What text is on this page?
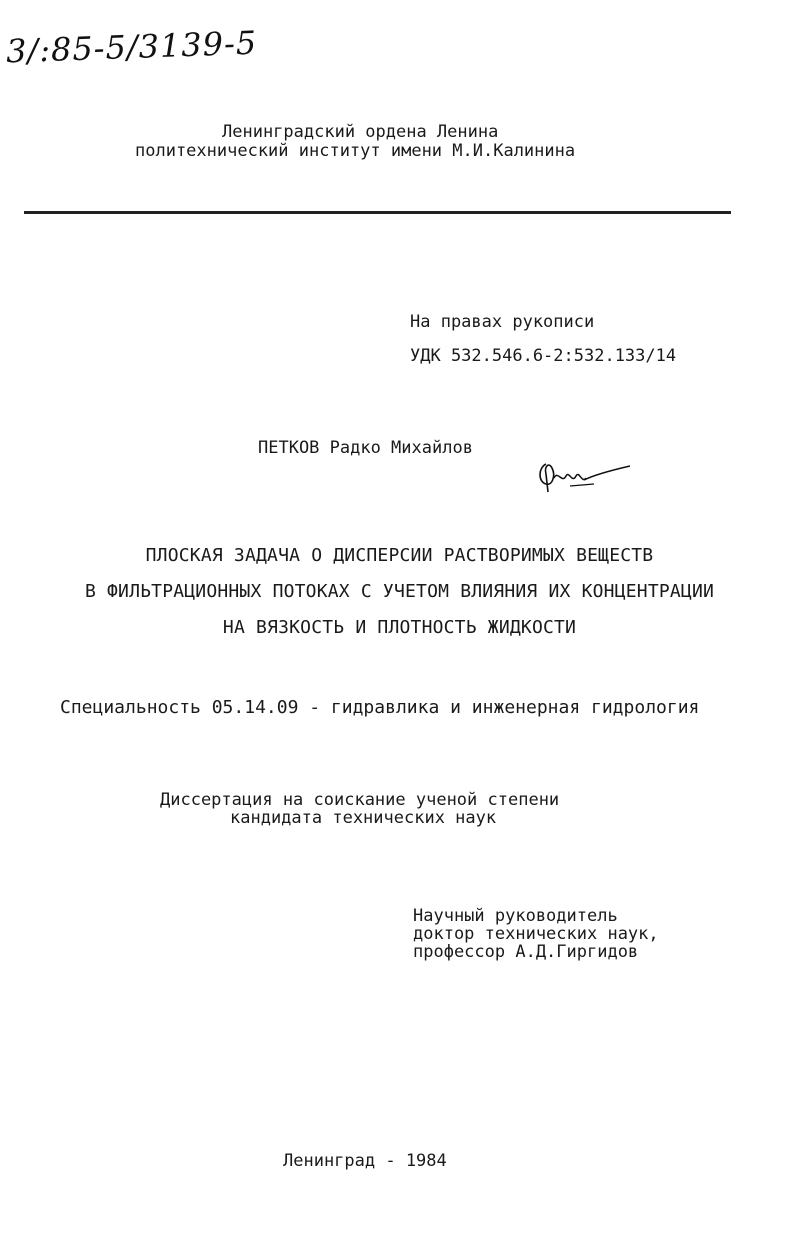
3/:85-5/3139-5
Ленинградский ордена Ленина
политехнический институт имени М.И.Калинина
На правах рукописи
УДК 532.546.6-2:532.133/14
ПЕТКОВ Радко Михайлов
ПЛОСКАЯ ЗАДАЧА О ДИСПЕРСИИ РАСТВОРИМЫХ ВЕЩЕСТВ
В ФИЛЬТРАЦИОННЫХ ПОТОКАХ С УЧЕТОМ ВЛИЯНИЯ ИХ КОНЦЕНТРАЦИИ
НА ВЯЗКОСТЬ И ПЛОТНОСТЬ ЖИДКОСТИ
Специальность 05.14.09 - гидравлика и инженерная гидрология
Диссертация на соискание ученой степени
кандидата технических наук
Научный руководитель
доктор технических наук,
профессор А.Д.Гиргидов
Ленинград - 1984
